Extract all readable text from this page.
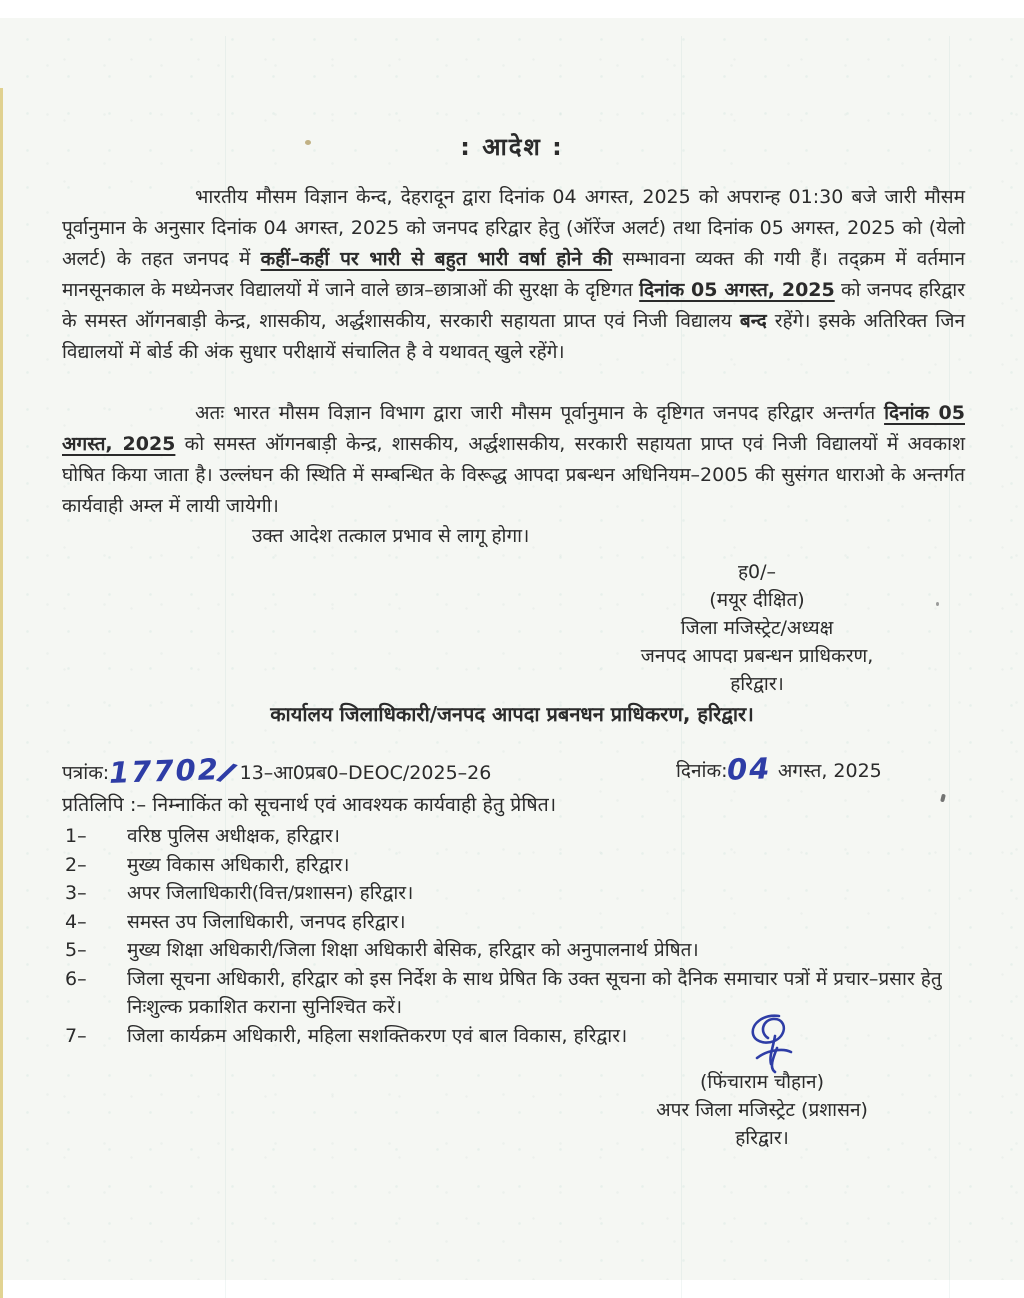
: आदेश :
भारतीय मौसम विज्ञान केन्द, देहरादून द्वारा दिनांक 04 अगस्त, 2025 को अपरान्ह 01:30 बजे जारी मौसम पूर्वानुमान के अनुसार दिनांक 04 अगस्त, 2025 को जनपद हरिद्वार हेतु (ऑरेंज अलर्ट) तथा दिनांक 05 अगस्त, 2025 को (येलो अलर्ट) के तहत जनपद में कहीं–कहीं पर भारी से बहुत भारी वर्षा होने की सम्भावना व्यक्त की गयी हैं। तद्क्रम में वर्तमान मानसूनकाल के मध्येनजर विद्यालयों में जाने वाले छात्र–छात्राओं की सुरक्षा के दृष्टिगत दिनांक 05 अगस्त, 2025 को जनपद हरिद्वार के समस्त ऑगनबाड़ी केन्द्र, शासकीय, अर्द्धशासकीय, सरकारी सहायता प्राप्त एवं निजी विद्यालय बन्द रहेंगे। इसके अतिरिक्त जिन विद्यालयों में बोर्ड की अंक सुधार परीक्षायें संचालित है वे यथावत् खुले रहेंगे।
अतः भारत मौसम विज्ञान विभाग द्वारा जारी मौसम पूर्वानुमान के दृष्टिगत जनपद हरिद्वार अन्तर्गत दिनांक 05 अगस्त, 2025 को समस्त ऑगनबाड़ी केन्द्र, शासकीय, अर्द्धशासकीय, सरकारी सहायता प्राप्त एवं निजी विद्यालयों में अवकाश घोषित किया जाता है। उल्लंघन की स्थिति में सम्बन्धित के विरूद्ध आपदा प्रबन्धन अधिनियम–2005 की सुसंगत धाराओ के अन्तर्गत कार्यवाही अम्ल में लायी जायेगी।
उक्त आदेश तत्काल प्रभाव से लागू होगा।
ह0/–
(मयूर दीक्षित)
जिला मजिस्ट्रेट/अध्यक्ष
जनपद आपदा प्रबन्धन प्राधिकरण,
हरिद्वार।
कार्यालय जिलाधिकारी/जनपद आपदा प्रबनधन प्राधिकरण, हरिद्वार।
पत्रांक:17702/13–आ0प्रब0–DEOC/2025–26	दिनांक:04 अगस्त, 2025
प्रतिलिपि :– निम्नाकिंत को सूचनार्थ एवं आवश्यक कार्यवाही हेतु प्रेषित।
1–	वरिष्ठ पुलिस अधीक्षक, हरिद्वार।
2–	मुख्य विकास अधिकारी, हरिद्वार।
3–	अपर जिलाधिकारी(वित्त/प्रशासन) हरिद्वार।
4–	समस्त उप जिलाधिकारी, जनपद हरिद्वार।
5–	मुख्य शिक्षा अधिकारी/जिला शिक्षा अधिकारी बेसिक, हरिद्वार को अनुपालनार्थ प्रेषित।
6–	जिला सूचना अधिकारी, हरिद्वार को इस निर्देश के साथ प्रेषित कि उक्त सूचना को दैनिक समाचार पत्रों में प्रचार–प्रसार हेतु निःशुल्क प्रकाशित कराना सुनिश्चित करें।
7–	जिला कार्यक्रम अधिकारी, महिला सशक्तिकरण एवं बाल विकास, हरिद्वार।
(फिंचाराम चौहान)
अपर जिला मजिस्ट्रेट (प्रशासन)
हरिद्वार।
